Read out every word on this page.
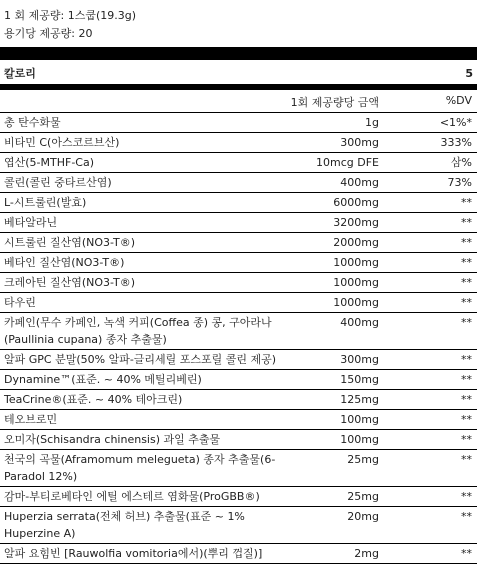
1 회 제공량: 1스쿱(19.3g)
용기당 제공량: 20
칼로리	5
1회 제공량당 금액	%DV
총 탄수화물	1g	<1%*
비타민 C(아스코르브산)	300mg	333%
엽산(5-MTHF-Ca)	10mcg DFE	삼%
콜린(콜린 중타르산염)	400mg	73%
L-시트룰린(발효)	6000mg	**
베타알라닌	3200mg	**
시트룰린 질산염(NO3-T®)	2000mg	**
베타인 질산염(NO3-T®)	1000mg	**
크레아틴 질산염(NO3-T®)	1000mg	**
타우린	1000mg	**
카페인(무수 카페인, 녹색 커피(Coffea 종) 콩, 구아라나(Paullinia cupana) 종자 추출물)
400mg	**
알파 GPC 분말(50% 알파-글리세릴 포스포릴 콜린 제공)	300mg	**
Dynamine™(표준. ~ 40% 메틸리베린)	150mg	**
TeaCrine®(표준. ~ 40% 테아크린)	125mg	**
테오브로민	100mg	**
오미자(Schisandra chinensis) 과일 추출물	100mg	**
천국의 곡물(Aframomum melegueta) 종자 추출물(6-Paradol 12%)
25mg	**
감마-부티로베타인 에틸 에스테르 염화물(ProGBB®)	25mg	**
Huperzia serrata(전체 허브) 추출물(표준 ~ 1% Huperzine A)
20mg	**
알파 요힘빈 [Rauwolfia vomitoria에서)(뿌리 껍질)]	2mg	**
